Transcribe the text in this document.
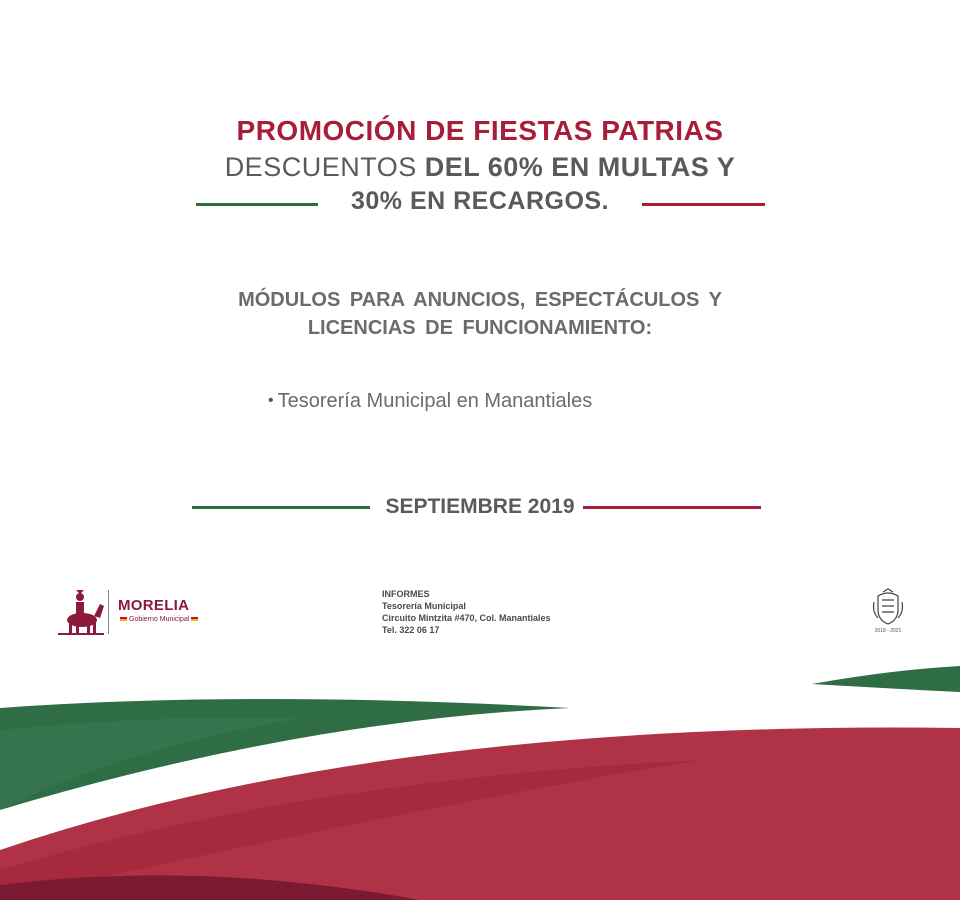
PROMOCIÓN DE FIESTAS PATRIAS
DESCUENTOS DEL 60% EN MULTAS Y
30% EN RECARGOS.
MÓDULOS PARA ANUNCIOS, ESPECTÁCULOS Y
LICENCIAS DE FUNCIONAMIENTO:
• Tesorería Municipal en Manantiales
SEPTIEMBRE 2019
MORELIA
Gobierno Municipal
INFORMES
Tesorería Municipal
Circuito Mintzita #470, Col. Manantiales
Tel. 322 06 17	2018 - 2021
